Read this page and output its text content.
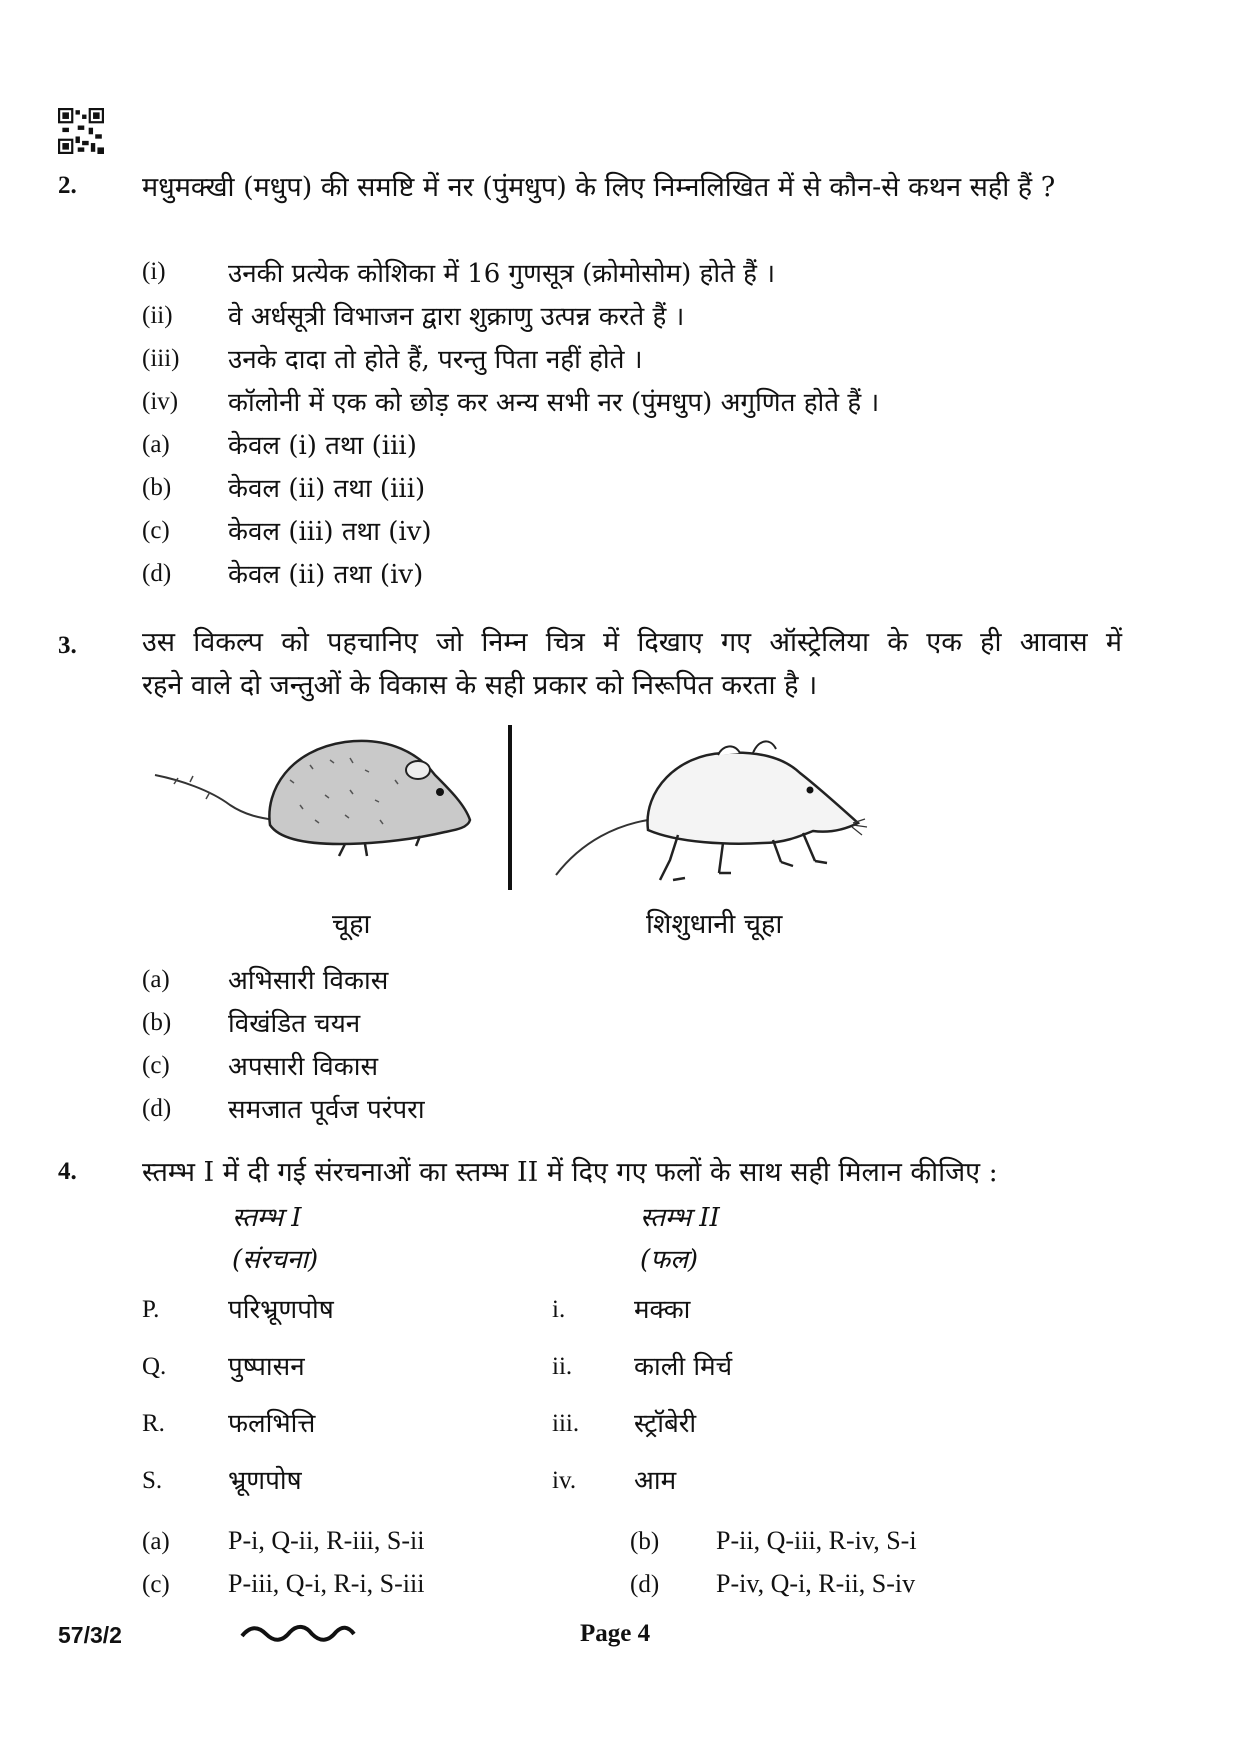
2. मधुमक्खी (मधुप) की समष्टि में नर (पुंमधुप) के लिए निम्नलिखित में से कौन-से कथन सही हैं ?
(i) उनकी प्रत्येक कोशिका में 16 गुणसूत्र (क्रोमोसोम) होते हैं ।
(ii) वे अर्धसूत्री विभाजन द्वारा शुक्राणु उत्पन्न करते हैं ।
(iii) उनके दादा तो होते हैं, परन्तु पिता नहीं होते ।
(iv) कॉलोनी में एक को छोड़ कर अन्य सभी नर (पुंमधुप) अगुणित होते हैं ।
(a) केवल (i) तथा (iii)
(b) केवल (ii) तथा (iii)
(c) केवल (iii) तथा (iv)
(d) केवल (ii) तथा (iv)
3. उस विकल्प को पहचानिए जो निम्न चित्र में दिखाए गए ऑस्ट्रेलिया के एक ही आवास में
रहने वाले दो जन्तुओं के विकास के सही प्रकार को निरूपित करता है ।
चूहा	शिशुधानी चूहा
(a) अभिसारी विकास
(b) विखंडित चयन
(c) अपसारी विकास
(d) समजात पूर्वज परंपरा
4. स्तम्भ I में दी गई संरचनाओं का स्तम्भ II में दिए गए फलों के साथ सही मिलान कीजिए :
स्तम्भ I
(संरचना)
स्तम्भ II
(फल)
P.	परिभ्रूणपोष	i.	मक्का
Q. पुष्पासन	ii. काली मिर्च
R. फलभित्ति	iii. स्ट्रॉबेरी
S.	भ्रूणपोष	iv. आम
(a) P-i, Q-ii, R-iii, S-ii	(b) P-ii, Q-iii, R-iv, S-i
(c) P-iii, Q-i, R-i, S-iii	(d) P-iv, Q-i, R-ii, S-iv
57/3/2	Page 4
